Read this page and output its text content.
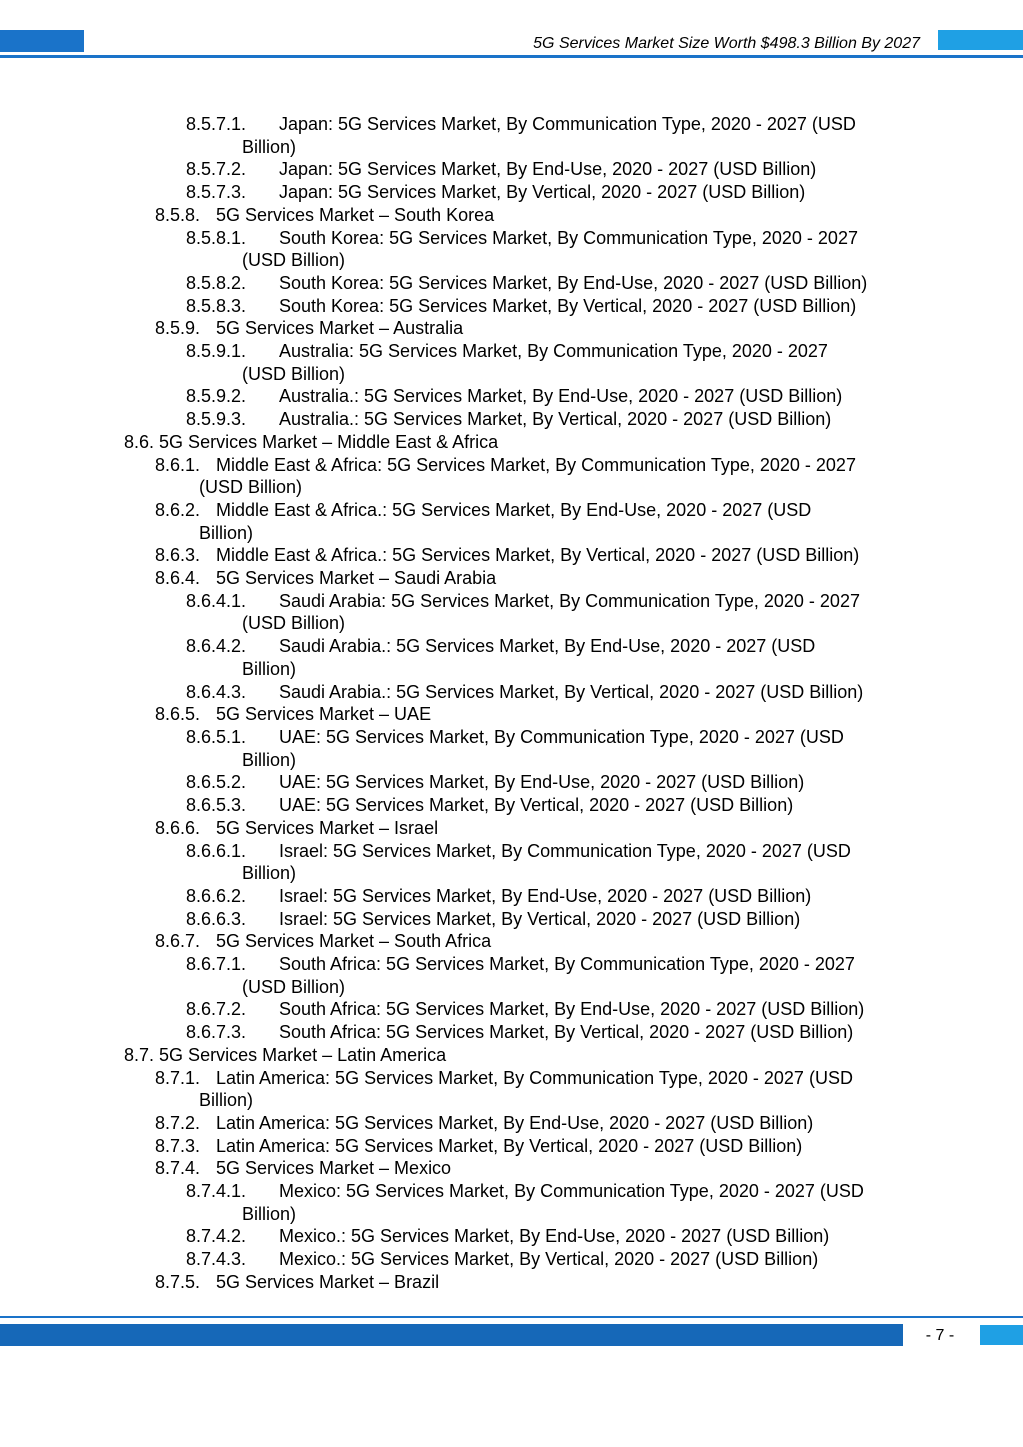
5G Services Market Size Worth $498.3 Billion By 2027
8.5.7.1. Japan: 5G Services Market, By Communication Type, 2020 - 2027 (USD
Billion)
8.5.7.2. Japan: 5G Services Market, By End-Use, 2020 - 2027 (USD Billion)
8.5.7.3. Japan: 5G Services Market, By Vertical, 2020 - 2027 (USD Billion)
8.5.8. 5G Services Market – South Korea
8.5.8.1. South Korea: 5G Services Market, By Communication Type, 2020 - 2027
(USD Billion)
8.5.8.2. South Korea: 5G Services Market, By End-Use, 2020 - 2027 (USD Billion)
8.5.8.3. South Korea: 5G Services Market, By Vertical, 2020 - 2027 (USD Billion)
8.5.9. 5G Services Market – Australia
8.5.9.1. Australia: 5G Services Market, By Communication Type, 2020 - 2027
(USD Billion)
8.5.9.2. Australia.: 5G Services Market, By End-Use, 2020 - 2027 (USD Billion)
8.5.9.3. Australia.: 5G Services Market, By Vertical, 2020 - 2027 (USD Billion)
8.6. 5G Services Market – Middle East & Africa
8.6.1. Middle East & Africa: 5G Services Market, By Communication Type, 2020 - 2027
(USD Billion)
8.6.2. Middle East & Africa.: 5G Services Market, By End-Use, 2020 - 2027 (USD
Billion)
8.6.3. Middle East & Africa.: 5G Services Market, By Vertical, 2020 - 2027 (USD Billion)
8.6.4. 5G Services Market – Saudi Arabia
8.6.4.1. Saudi Arabia: 5G Services Market, By Communication Type, 2020 - 2027
(USD Billion)
8.6.4.2. Saudi Arabia.: 5G Services Market, By End-Use, 2020 - 2027 (USD
Billion)
8.6.4.3. Saudi Arabia.: 5G Services Market, By Vertical, 2020 - 2027 (USD Billion)
8.6.5. 5G Services Market – UAE
8.6.5.1. UAE: 5G Services Market, By Communication Type, 2020 - 2027 (USD
Billion)
8.6.5.2. UAE: 5G Services Market, By End-Use, 2020 - 2027 (USD Billion)
8.6.5.3. UAE: 5G Services Market, By Vertical, 2020 - 2027 (USD Billion)
8.6.6. 5G Services Market – Israel
8.6.6.1. Israel: 5G Services Market, By Communication Type, 2020 - 2027 (USD
Billion)
8.6.6.2. Israel: 5G Services Market, By End-Use, 2020 - 2027 (USD Billion)
8.6.6.3. Israel: 5G Services Market, By Vertical, 2020 - 2027 (USD Billion)
8.6.7. 5G Services Market – South Africa
8.6.7.1. South Africa: 5G Services Market, By Communication Type, 2020 - 2027
(USD Billion)
8.6.7.2. South Africa: 5G Services Market, By End-Use, 2020 - 2027 (USD Billion)
8.6.7.3. South Africa: 5G Services Market, By Vertical, 2020 - 2027 (USD Billion)
8.7. 5G Services Market – Latin America
8.7.1. Latin America: 5G Services Market, By Communication Type, 2020 - 2027 (USD
Billion)
8.7.2. Latin America: 5G Services Market, By End-Use, 2020 - 2027 (USD Billion)
8.7.3. Latin America: 5G Services Market, By Vertical, 2020 - 2027 (USD Billion)
8.7.4. 5G Services Market – Mexico
8.7.4.1. Mexico: 5G Services Market, By Communication Type, 2020 - 2027 (USD
Billion)
8.7.4.2. Mexico.: 5G Services Market, By End-Use, 2020 - 2027 (USD Billion)
8.7.4.3. Mexico.: 5G Services Market, By Vertical, 2020 - 2027 (USD Billion)
8.7.5. 5G Services Market – Brazil
- 7 -
